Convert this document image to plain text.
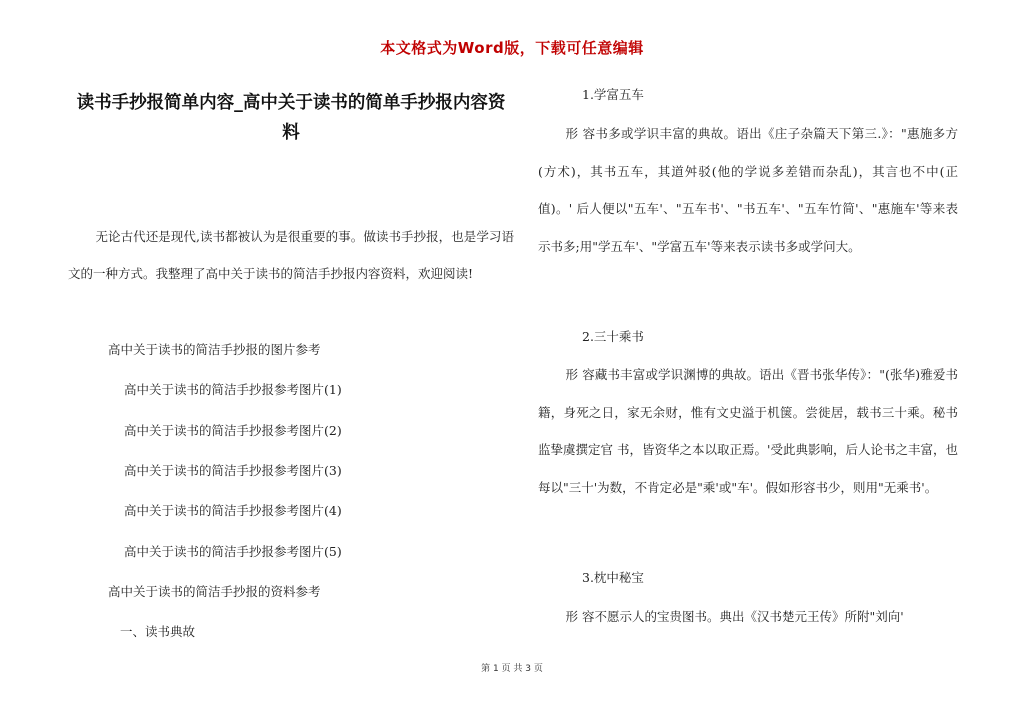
本文格式为Word版，下载可任意编辑
读书手抄报简单内容_高中关于读书的简单手抄报内容资料

无论古代还是现代,读书都被认为是很重要的事。做读书手抄报，也是学习语文的一种方式。我整理了高中关于读书的简洁手抄报内容资料，欢迎阅读!

高中关于读书的简洁手抄报的图片参考
高中关于读书的简洁手抄报参考图片(1)
高中关于读书的简洁手抄报参考图片(2)
高中关于读书的简洁手抄报参考图片(3)
高中关于读书的简洁手抄报参考图片(4)
高中关于读书的简洁手抄报参考图片(5)
高中关于读书的简洁手抄报的资料参考
一、读书典故
1.学富五车
形 容书多或学识丰富的典故。语出《庄子杂篇天下第三.》："惠施多方(方术)，其书五车，其道舛驳(他的学说多差错而杂乱)，其言也不中(正值)。' 后人便以"五车'、"五车书'、"书五车'、"五车竹简'、"惠施车'等来表示书多;用"学五车'、"学富五车'等来表示读书多或学问大。
2.三十乘书
形 容藏书丰富或学识渊博的典故。语出《晋书张华传》："(张华)雅爱书籍，身死之日，家无余财，惟有文史溢于机箧。尝徙居，载书三十乘。秘书监挚虞撰定官 书，皆资华之本以取正焉。'受此典影响，后人论书之丰富，也每以"三十'为数，不肯定必是"乘'或"车'。假如形容书少，则用"无乘书'。
3.枕中秘宝
形 容不愿示人的宝贵图书。典出《汉书楚元王传》所附"刘向'
第 1 页 共 3 页
